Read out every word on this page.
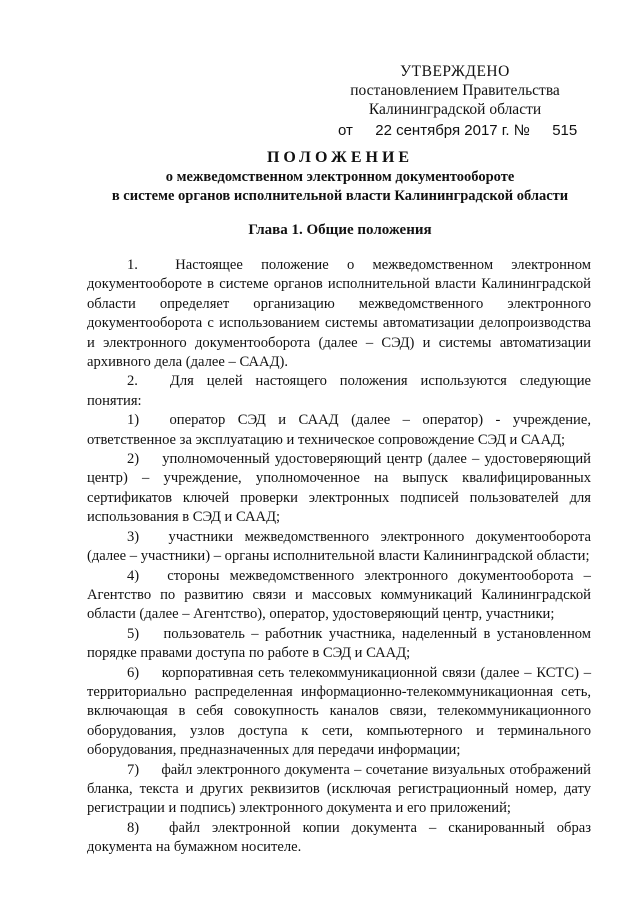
УТВЕРЖДЕНО
постановлением Правительства
Калининградской области
от 22 сентября 2017 г. № 515
ПОЛОЖЕНИЕ
о межведомственном электронном документообороте
в системе органов исполнительной власти Калининградской области
Глава 1. Общие положения

1.	Настоящее положение о межведомственном электронном документообороте в системе органов исполнительной власти Калининградской области определяет организацию межведомственного электронного документооборота с использованием системы автоматизации делопроизводства и электронного документооборота (далее – СЭД) и системы автоматизации архивного дела (далее – СААД).

2. Для целей настоящего положения используются следующие понятия:

1) оператор СЭД и СААД (далее – оператор) - учреждение, ответственное за эксплуатацию и техническое сопровождение СЭД и СААД;

2) уполномоченный удостоверяющий центр (далее – удостоверяющий центр) – учреждение, уполномоченное на выпуск квалифицированных сертификатов ключей проверки электронных подписей пользователей для использования в СЭД и СААД;

3) участники межведомственного электронного документооборота (далее – участники) – органы исполнительной власти Калининградской области;

4) стороны межведомственного электронного документооборота – Агентство по развитию связи и массовых коммуникаций Калининградской области (далее – Агентство), оператор, удостоверяющий центр, участники;

5) пользователь – работник участника, наделенный в установленном порядке правами доступа по работе в СЭД и СААД;

6) корпоративная сеть телекоммуникационной связи (далее – КСТС) – территориально распределенная информационно-телекоммуникационная сеть, включающая в себя совокупность каналов связи, телекоммуникационного оборудования, узлов доступа к сети, компьютерного и терминального оборудования, предназначенных для передачи информации;

7) файл электронного документа – сочетание визуальных отображений бланка, текста и других реквизитов (исключая регистрационный номер, дату регистрации и подпись) электронного документа и его приложений;

8) файл электронной копии документа – сканированный образ документа на бумажном носителе.
